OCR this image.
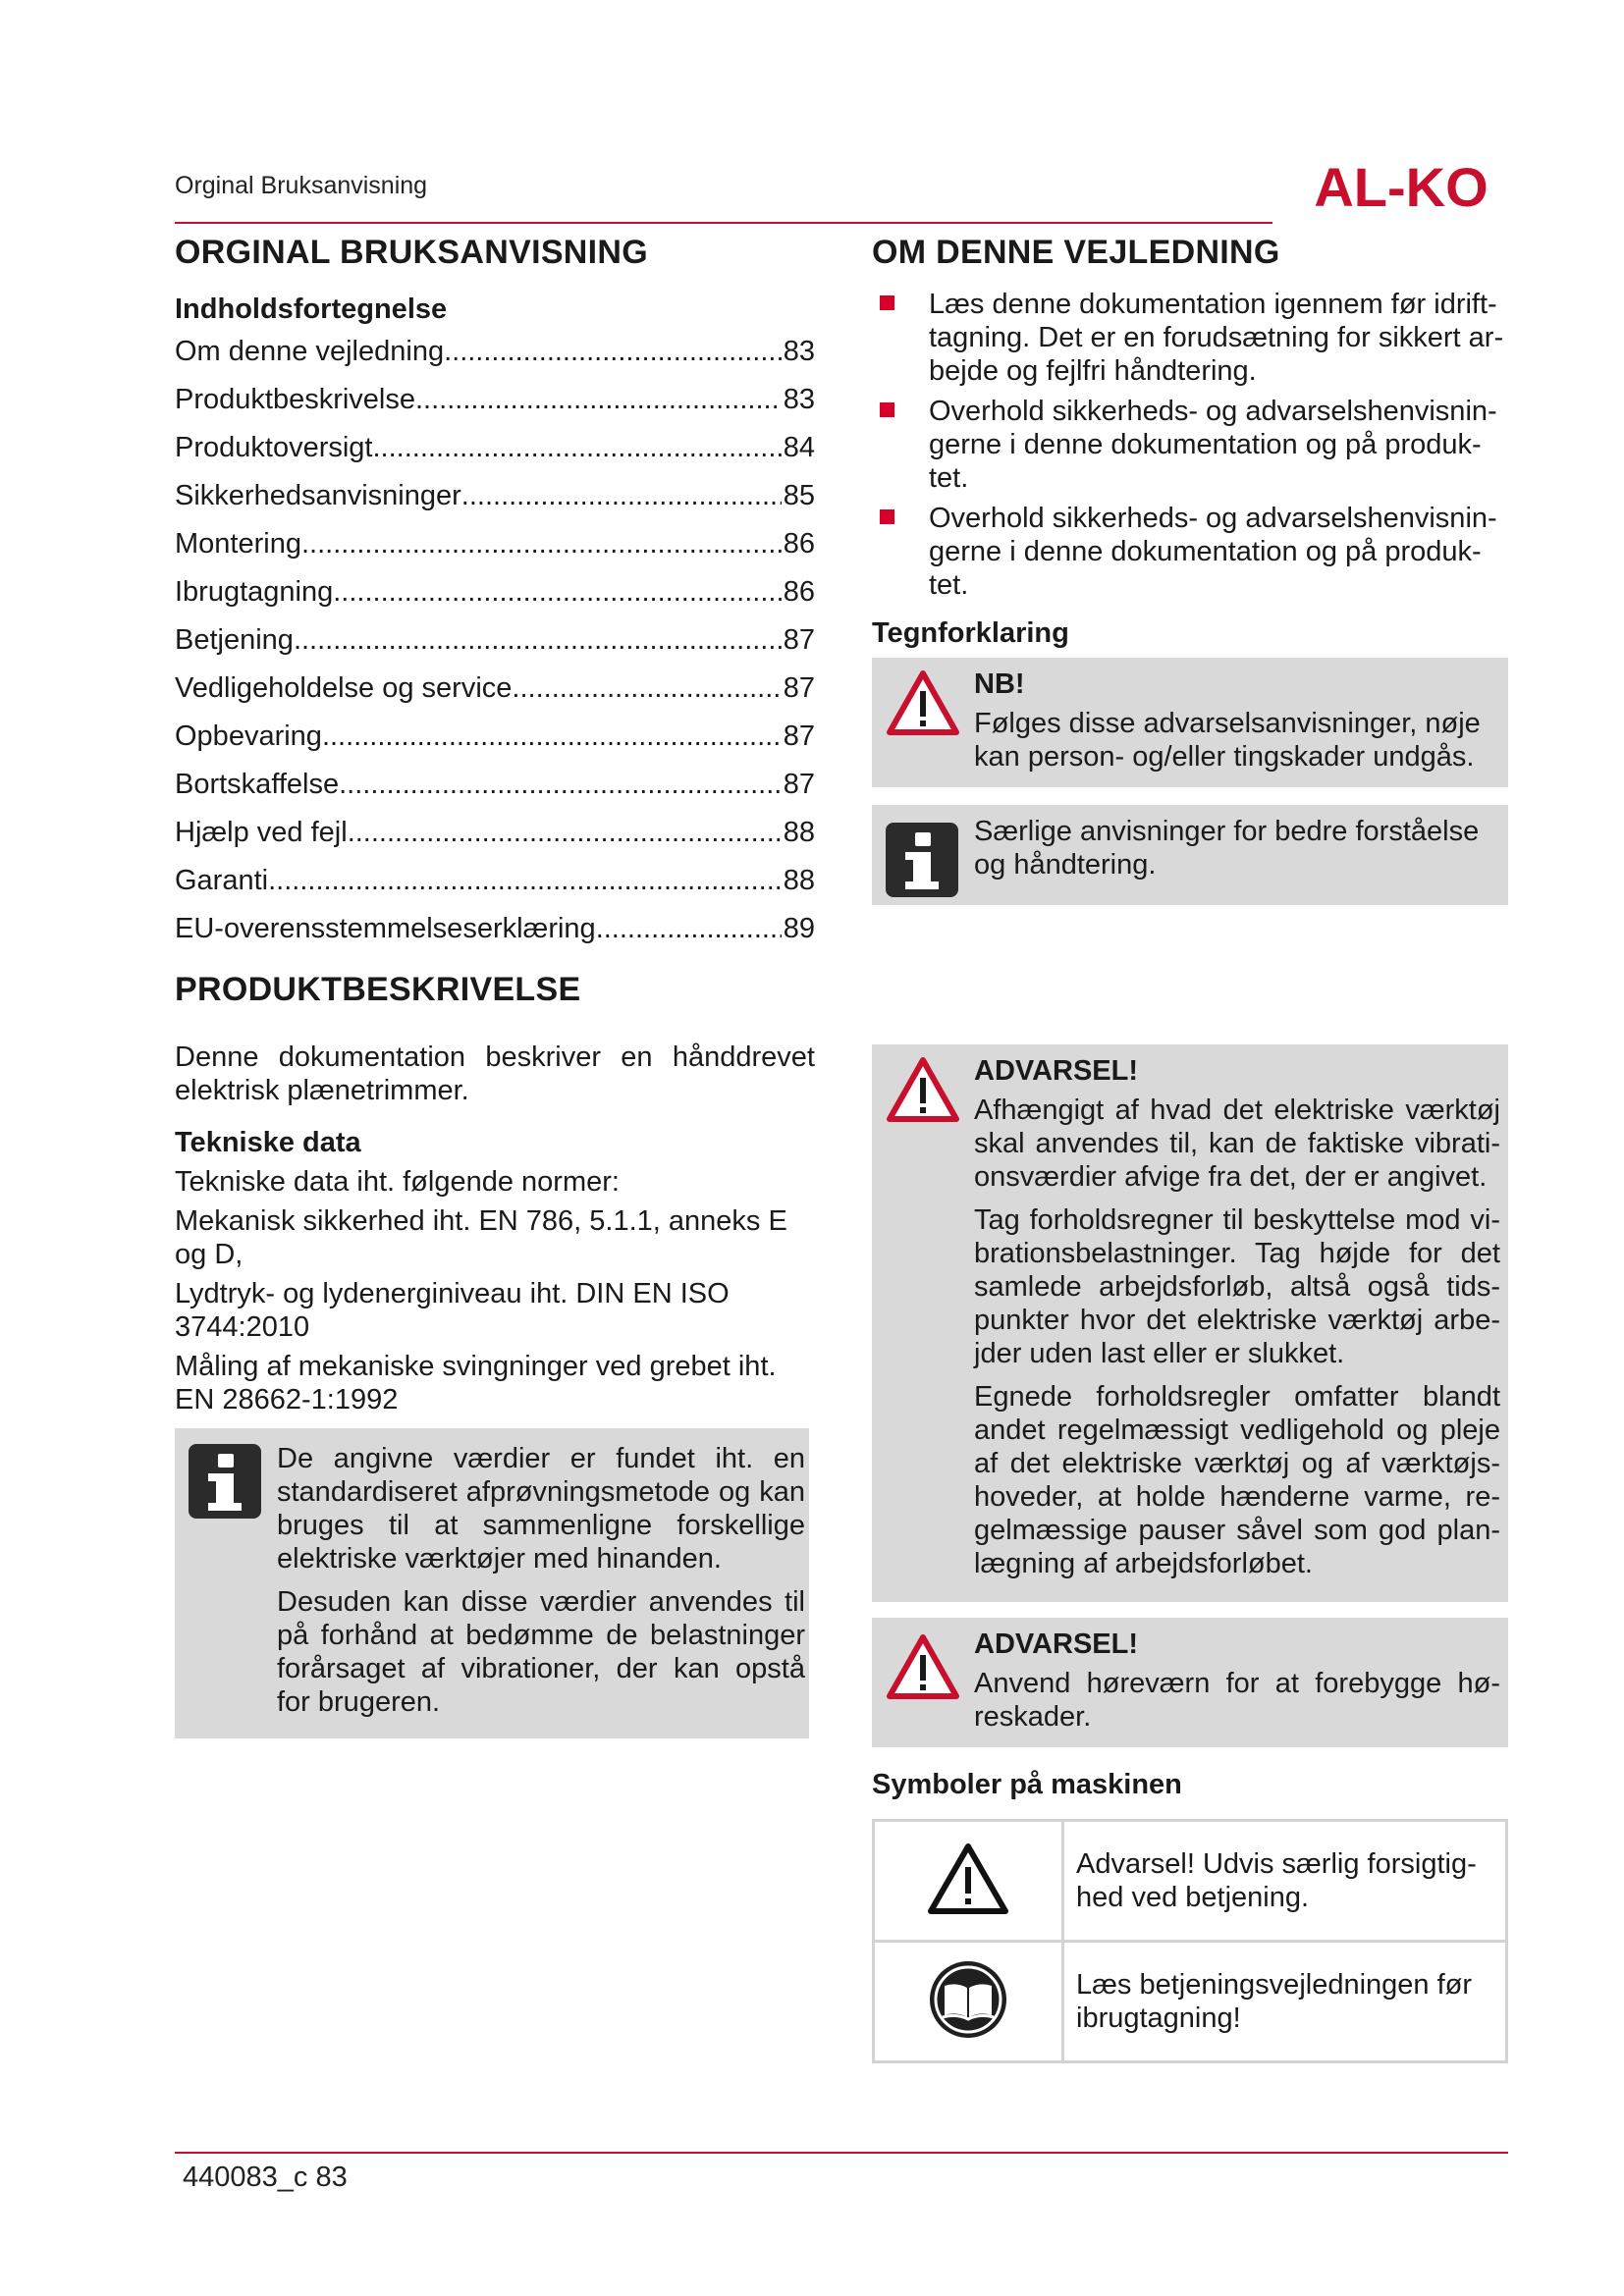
Orginal Bruksanvisning	AL-KO
ORGINAL BRUKSANVISNING
Indholdsfortegnelse
Om denne vejledning .....	83
Produktbeskrivelse .....	83
Produktoversigt .....	84
Sikkerhedsanvisninger .....	85
Montering .....	86
Ibrugtagning .....	86
Betjening .....	87
Vedligeholdelse og service .....	87
Opbevaring .....	87
Bortskaffelse .....	87
Hjælp ved fejl .....	88
Garanti .....	88
EU-overensstemmelseserklæring .....	89
PRODUKTBESKRIVELSE

Denne dokumentation beskriver en hånddrevet elektrisk plænetrimmer.

Tekniske data

Tekniske data iht. følgende normer:

Mekanisk sikkerhed iht. EN 786, 5.1.1, anneks E og D,

Lydtryk- og lydenerginiveau iht. DIN EN ISO 3744:2010

Måling af mekaniske svingninger ved grebet iht. EN 28662-1:1992

De angivne værdier er fundet iht. en standardiseret afprøvningsmetode og kan bruges til at sammenligne forskellige elektriske værktøjer med hinanden.

Desuden kan disse værdier anvendes til på forhånd at bedømme de belastninger forårsaget af vibrationer, der kan opstå for brugeren.

OM DENNE VEJLEDNING
Læs denne dokumentation igennem før idrift-tagning. Det er en forudsætning for sikkert ar-bejde og fejlfri håndtering.
Overhold sikkerheds- og advarselshenvisnin-gerne i denne dokumentation og på produk-tet.
Overhold sikkerheds- og advarselshenvisnin-gerne i denne dokumentation og på produk-tet.
Tegnforklaring
NB!
Følges disse advarselsanvisninger, nøje kan person- og/eller tingskader undgås.
Særlige anvisninger for bedre forståelse og håndtering.
ADVARSEL!

Afhængigt af hvad det elektriske værktøj skal anvendes til, kan de faktiske vibrati-onsværdier afvige fra det, der er angivet.

Tag forholdsregner til beskyttelse mod vi-brationsbelastninger. Tag højde for det samlede arbejdsforløb, altså også tids-punkter hvor det elektriske værktøj arbe-jder uden last eller er slukket.

Egnede forholdsregler omfatter blandt andet regelmæssigt vedligehold og pleje af det elektriske værktøj og af værktøjs-hoveder, at holde hænderne varme, re-gelmæssige pauser såvel som god plan-lægning af arbejdsforløbet.

ADVARSEL!
Anvend høreværn for at forebygge hø-reskader.
Symboler på maskinen
	Advarsel! Udvis særlig forsigtig-hed ved betjening.
	Læs betjeningsvejledningen før ibrugtagning!
440083_c 83
